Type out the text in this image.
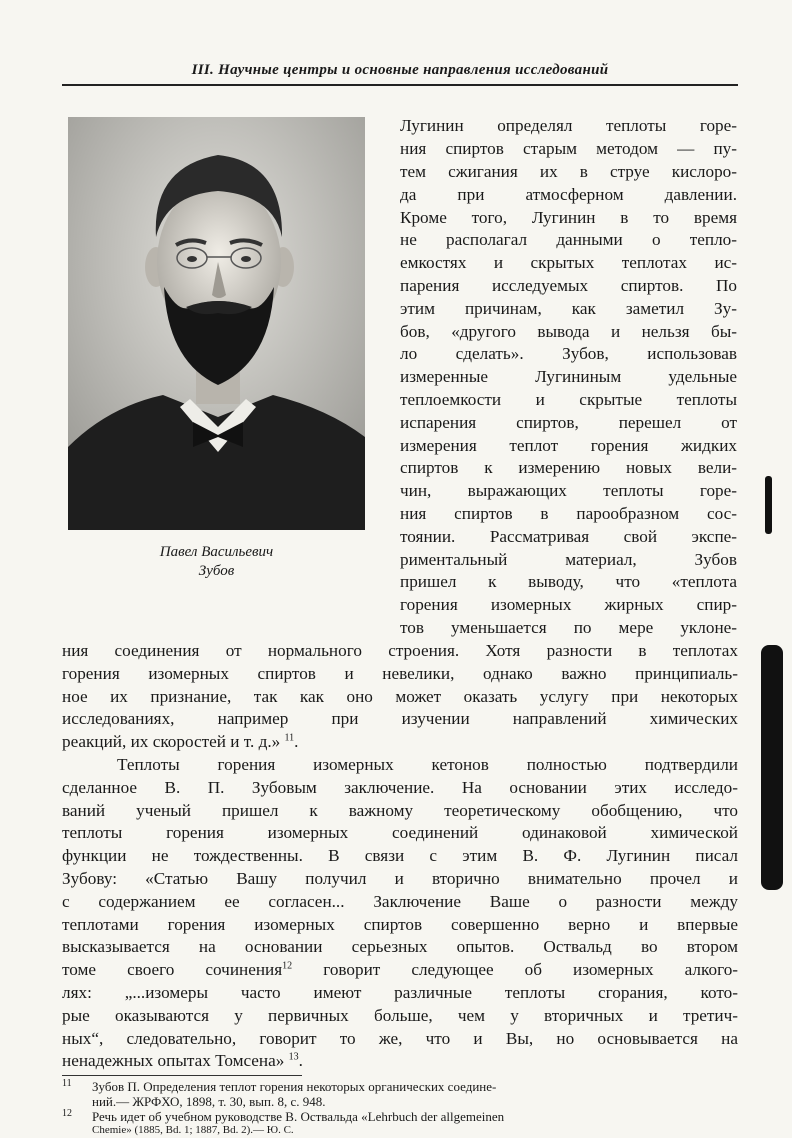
III. Научные центры и основные направления исследований
Павел Васильевич
Зубов
Лугинин определял теплоты горе-
ния спиртов старым методом — пу-
тем сжигания их в струе кислоро-
да при атмосферном давлении.
Кроме того, Лугинин в то время
не располагал данными о тепло-
емкостях и скрытых теплотах ис-
парения исследуемых спиртов. По
этим причинам, как заметил Зу-
бов, «другого вывода и нельзя бы-
ло сделать». Зубов, использовав
измеренные Лугининым удельные
теплоемкости и скрытые теплоты
испарения спиртов, перешел от
измерения теплот горения жидких
спиртов к измерению новых вели-
чин, выражающих теплоты горе-
ния спиртов в парообразном сос-
тоянии. Рассматривая свой экспе-
риментальный материал, Зубов
пришел к выводу, что «теплота
горения изомерных жирных спир-
тов уменьшается по мере уклоне-
ния соединения от нормального строения. Хотя разности в теплотах
горения изомерных спиртов и невелики, однако важно принципиаль-
ное их признание, так как оно может оказать услугу при некоторых
исследованиях, например при изучении направлений химических
реакций, их скоростей и т. д.» $^{11}$.
Теплоты горения изомерных кетонов полностью подтвердили
сделанное В. П. Зубовым заключение. На основании этих исследо-
ваний ученый пришел к важному теоретическому обобщению, что
теплоты горения изомерных соединений одинаковой химической
функции не тождественны. В связи с этим В. Ф. Лугинин писал
Зубову: «Статью Вашу получил и вторично внимательно прочел и
с содержанием ее согласен... Заключение Ваше о разности между
теплотами горения изомерных спиртов совершенно верно и впервые
высказывается на основании серьезных опытов. Оствальд во втором
томе своего сочинения$^{12}$ говорит следующее об изомерных алкого-
лях: „...изомеры часто имеют различные теплоты сгорания, кото-
рые оказываются у первичных больше, чем у вторичных и третич-
ных“, следовательно, говорит то же, что и Вы, но основывается на
ненадежных опытах Томсена» $^{13}$.
11 Зубов П. Определения теплот горения некоторых органических соедине-
ний.— ЖРФХО, 1898, т. 30, вып. 8, с. 948.
12 Речь идет об учебном руководстве В. Оствальда «Lehrbuch der allgemeinen
Chemie» (1885, Bd. 1; 1887, Bd. 2).— Ю. С.
